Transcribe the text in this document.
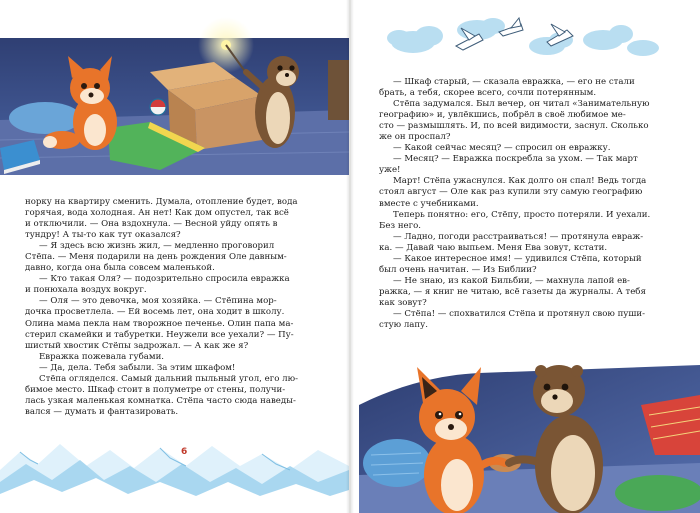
норку на квартиру сменить. Думала, отопление будет, вода

горячая, вода холодная. Ан нет! Как дом опустел, так всё

и отключили. — Она вздохнула. — Весной уйду опять в

тундру! А ты-то как тут оказался?

— Я здесь всю жизнь жил, — медленно проговорил

Стёпа. — Меня подарили на день рождения Оле давным-

давно, когда она была совсем маленькой.

— Кто такая Оля? — подозрительно спросила евражка

и понюхала воздух вокруг.

— Оля — это девочка, моя хозяйка. — Стёпина мор-

дочка просветлела. — Ей восемь лет, она ходит в школу.

Олина мама пекла нам творожное печенье. Олин папа ма-

стерил скамейки и табуретки. Неужели все уехали? — Пу-

шистый хвостик Стёпы задрожал. — А как же я?

Евражка пожевала губами.

— Да, дела. Тебя забыли. За этим шкафом!

Стёпа огляделся. Самый дальний пыльный угол, его лю-

бимое место. Шкаф стоит в полуметре от стены, получи-

лась узкая маленькая комнатка. Стёпа часто сюда наведы-

вался — думать и фантазировать.

6

— Шкаф старый, — сказала евражка, — его не стали

брать, а тебя, скорее всего, сочли потерянным.

Стёпа задумался. Был вечер, он читал «Занимательную

географию» и, увлёкшись, побрёл в своё любимое ме-

сто — размышлять. И, по всей видимости, заснул. Сколько

же он проспал?

— Какой сейчас месяц? — спросил он евражку.

— Месяц? — Евражка поскребла за ухом. — Так март

уже!

Март! Стёпа ужаснулся. Как долго он спал! Ведь тогда

стоял август — Оле как раз купили эту самую географию

вместе с учебниками.

Теперь понятно: его, Стёпу, просто потеряли. И уехали.

Без него.

— Ладно, погоди расстраиваться! — протянула евраж-

ка. — Давай чаю выпьем. Меня Ева зовут, кстати.

— Какое интересное имя! — удивился Стёпа, который

был очень начитан. — Из Библии?

— Не знаю, из какой Бильбии, — махнула лапой ев-

ражка, — я книг не читаю, всё газеты да журналы. А тебя

как зовут?

— Стёпа! — спохватился Стёпа и протянул свою пуши-

стую лапу.
